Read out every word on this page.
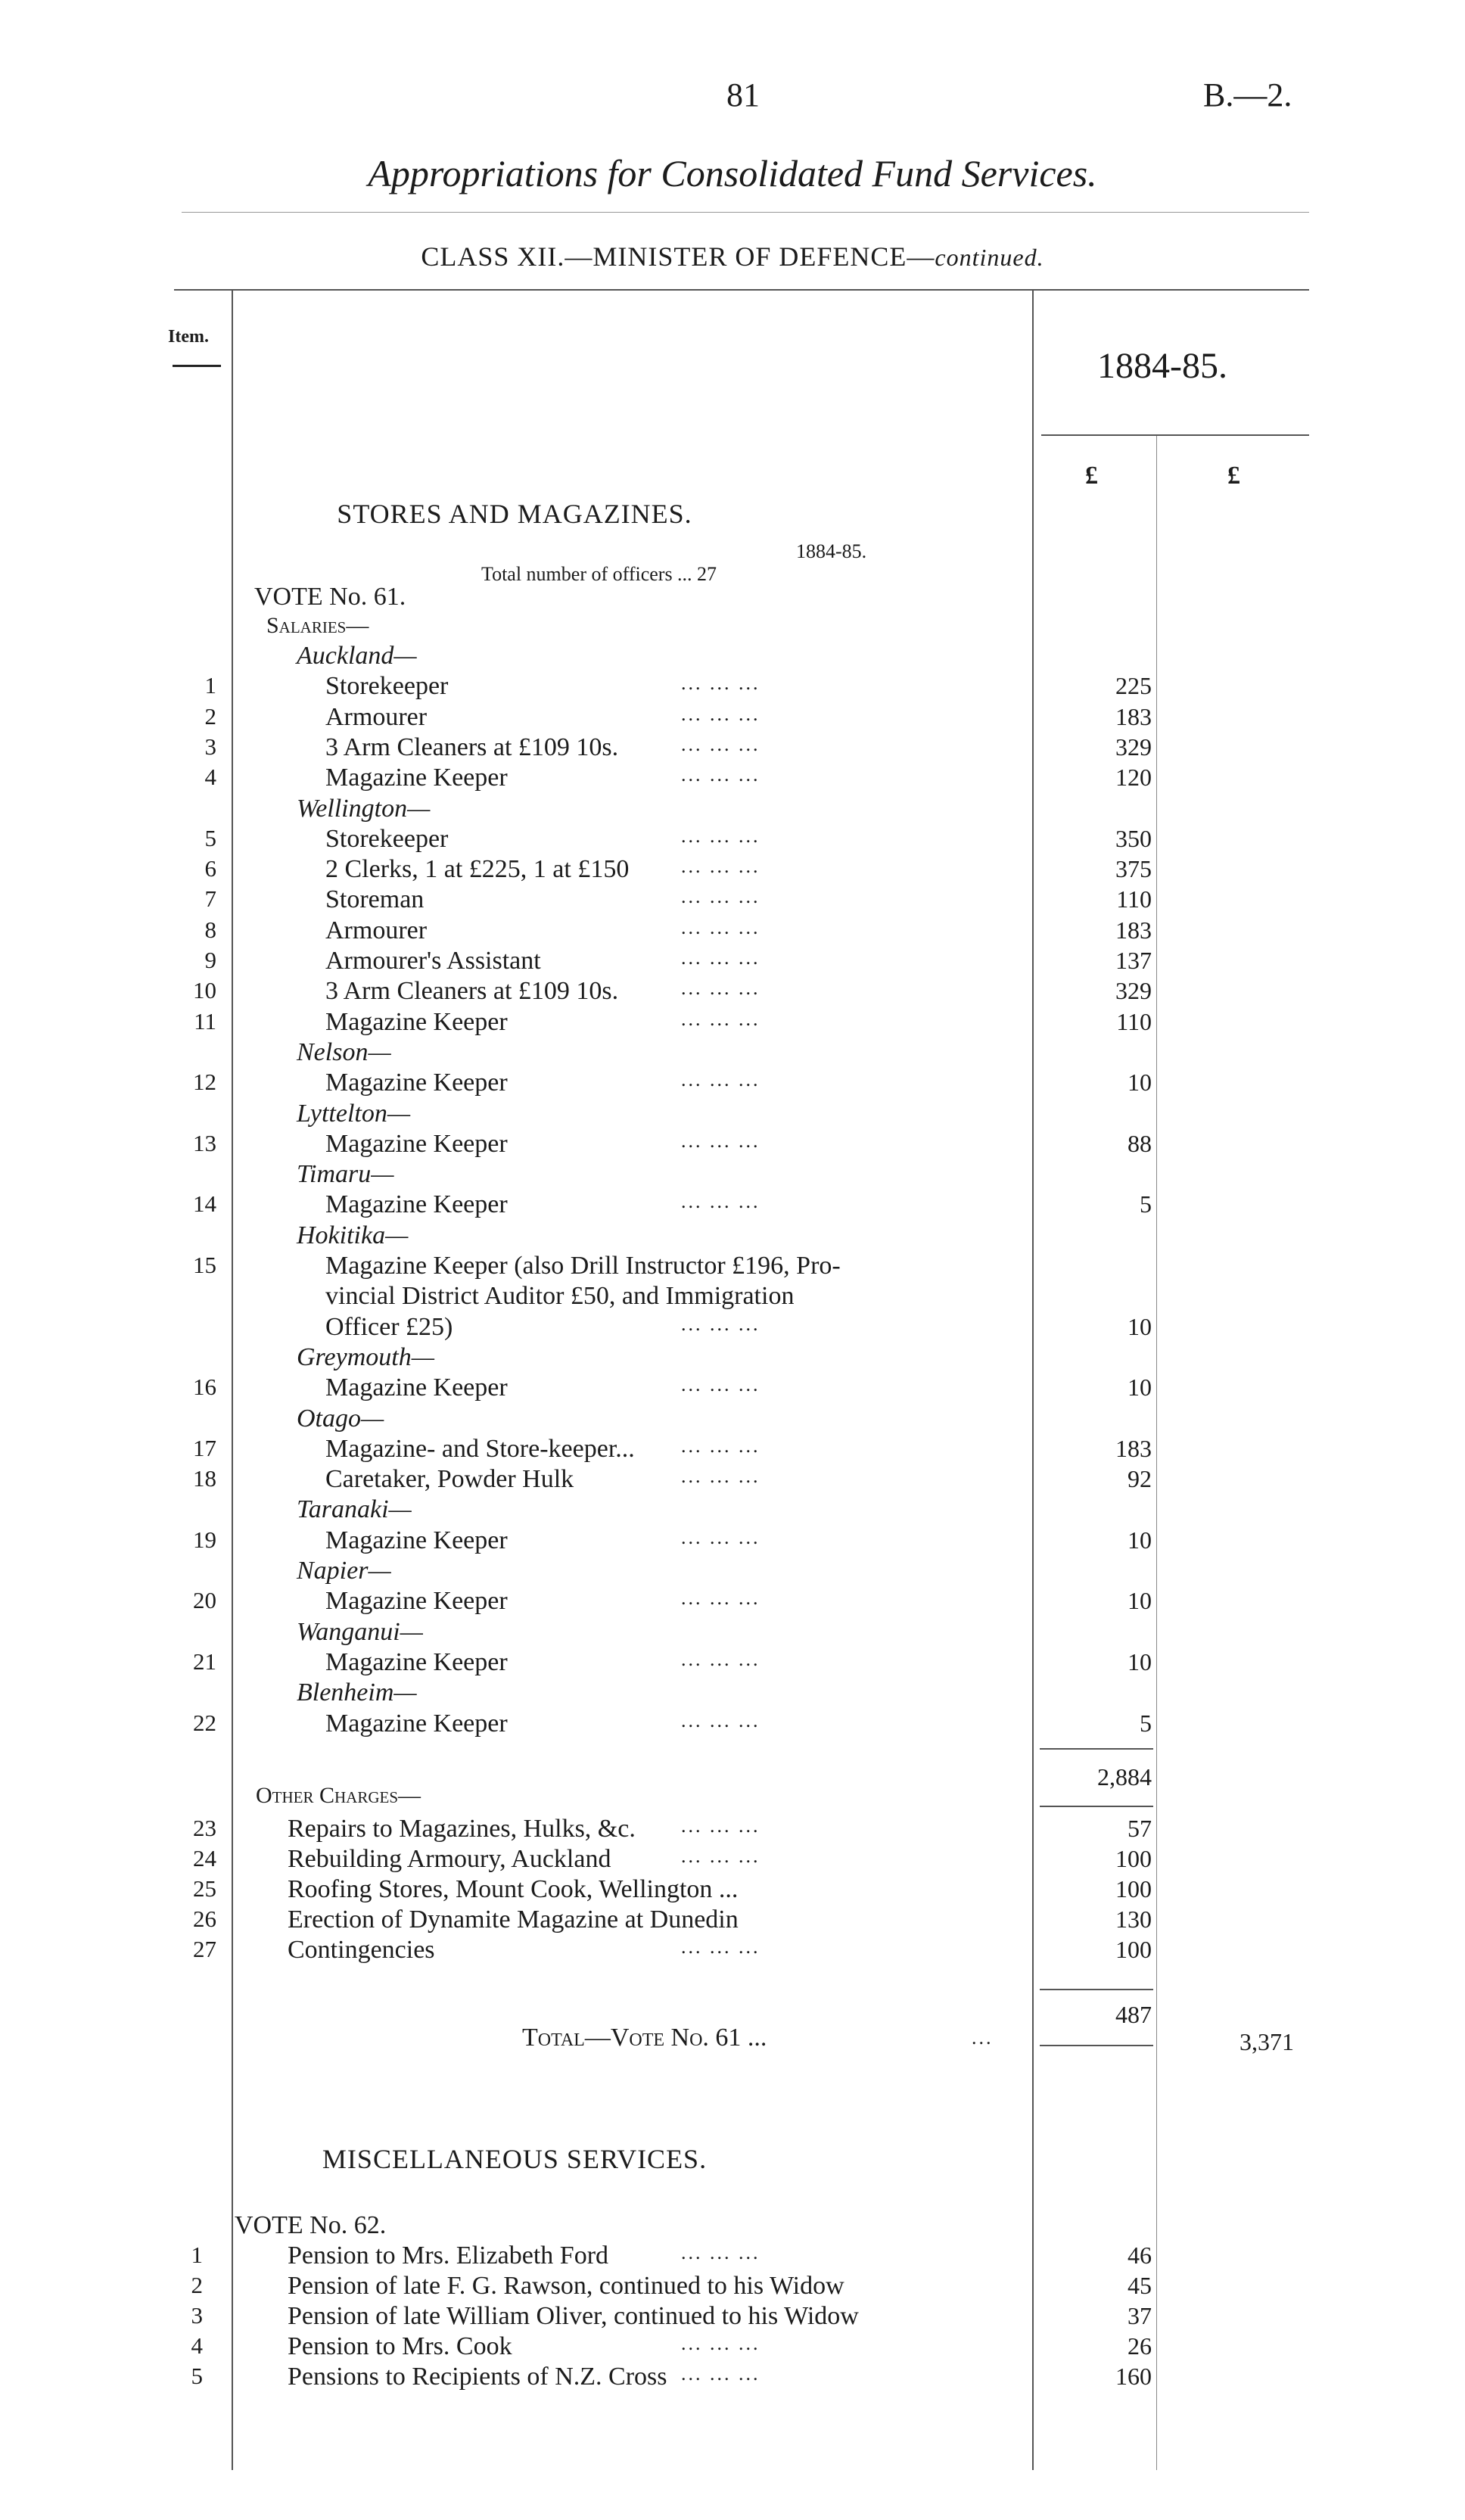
81	B.—2.
Appropriations for Consolidated Fund Services.
CLASS XII.—MINISTER OF DEFENCE—continued.
Item.
1884-85.
£	£
STORES AND MAGAZINES.
1884-85.
Total number of officers ... 27
VOTE No. 61.
Salaries—
Auckland—
1	Storekeeper	... ... ...	225
2	Armourer	... ... ...	183
3	3 Arm Cleaners at £109 10s.	... ... ...	329
4	Magazine Keeper	... ... ...	120
Wellington—
5	Storekeeper	... ... ...	350
6	2 Clerks, 1 at £225, 1 at £150	... ... ...	375
7	Storeman	... ... ...	110
8	Armourer	... ... ...	183
9	Armourer's Assistant	... ... ...	137
10	3 Arm Cleaners at £109 10s.	... ... ...	329
11	Magazine Keeper	... ... ...	110
Nelson—
12	Magazine Keeper	... ... ...	10
Lyttelton—
13	Magazine Keeper	... ... ...	88
Timaru—
14	Magazine Keeper	... ... ...	5
Hokitika—
15	Magazine Keeper (also Drill Instructor £196, Pro-
vincial District Auditor £50, and Immigration
Officer £25)	... ... ...	10
Greymouth—
16	Magazine Keeper	... ... ...	10
Otago—
17	Magazine- and Store-keeper... ... ... ...	183
18	Caretaker, Powder Hulk	... ... ...	92
Taranaki—
19	Magazine Keeper	... ... ...	10
Napier—
20	Magazine Keeper	... ... ...	10
Wanganui—
21	Magazine Keeper	... ... ...	10
Blenheim—
22	Magazine Keeper	... ... ...	5
2,884
Other Charges—
23	Repairs to Magazines, Hulks, &c. ... ... ...	57
24	Rebuilding Armoury, Auckland	... ... ...	100
25	Roofing Stores, Mount Cook, Wellington ...	100
26	Erection of Dynamite Magazine at Dunedin	130
27	Contingencies	... ... ...	100
487
Total—Vote No. 61 ...	...	3,371
MISCELLANEOUS SERVICES.
VOTE No. 62.
1	Pension to Mrs. Elizabeth Ford	... ... ...	46
2	Pension of late F. G. Rawson, continued to his Widow	45
3	Pension of late William Oliver, continued to his Widow	37
4	Pension to Mrs. Cook	... ... ...	26
5	Pensions to Recipients of N.Z. Cross ... ... ...	160
